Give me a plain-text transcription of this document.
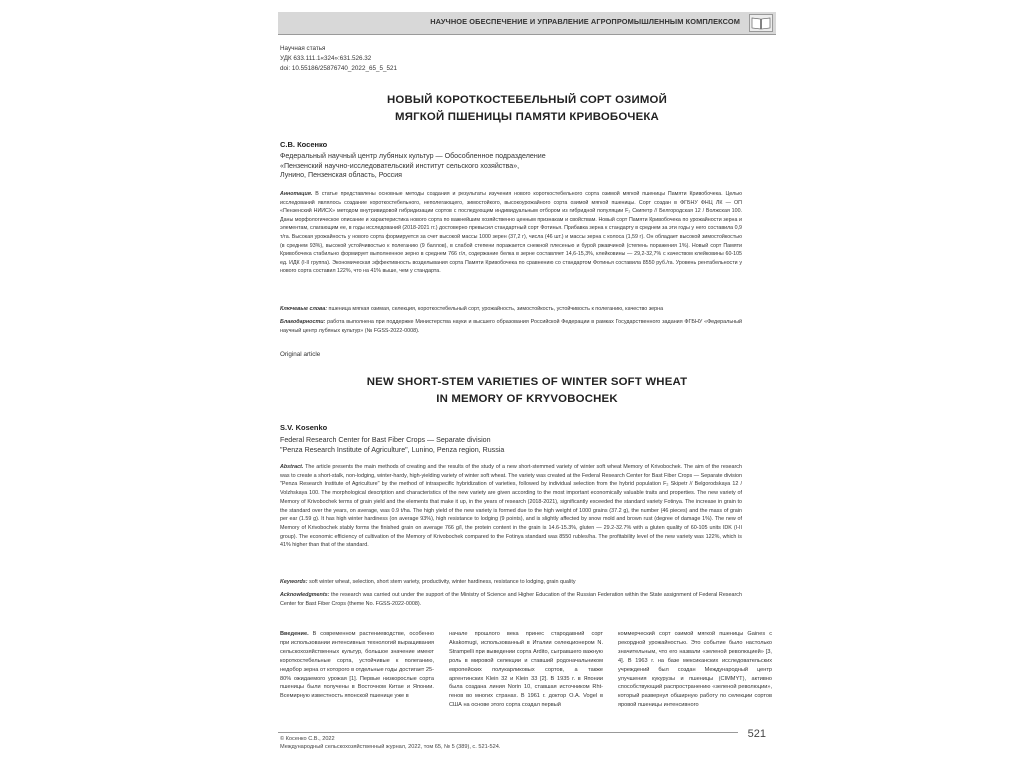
НАУЧНОЕ ОБЕСПЕЧЕНИЕ И УПРАВЛЕНИЕ АГРОПРОМЫШЛЕННЫМ КОМПЛЕКСОМ
Научная статья
УДК 633.111.1«324»:631.526.32
doi: 10.55186/25876740_2022_65_5_521
НОВЫЙ КОРОТКОСТЕБЕЛЬНЫЙ СОРТ ОЗИМОЙ
МЯГКОЙ ПШЕНИЦЫ ПАМЯТИ КРИВОБОЧЕКА
С.В. Косенко
Федеральный научный центр лубяных культур — Обособленное подразделение
«Пензенский научно-исследовательский институт сельского хозяйства»,
Лунино, Пензенская область, Россия
Аннотация. В статье представлены основные методы создания и результаты изучения нового короткостебельного сорта озимой мягкой пшеницы Памяти Кривобочека. Целью исследований являлось создание короткостебельного, неполегающего, зимостойкого, высокоурожайного сорта озимой мягкой пшеницы. Сорт создан в ФГБНУ ФНЦ ЛК — ОП «Пензенский НИИСХ» методом внутривидовой гибридизации сортов с последующим индивидуальным отбором из гибридной популяции F₂ Скипетр // Белгородская 12 / Волжская 100. Даны морфологическое описание и характеристика нового сорта по важнейшим хозяйственно ценным признакам и свойствам. Новый сорт Памяти Кривобочека по урожайности зерна и элементам, слагающим ее, в годы исследований (2018-2021 гг.) достоверно превысил стандартный сорт Фотинья. Прибавка зерна к стандарту в среднем за эти годы у него составила 0,9 т/га. Высокая урожайность у нового сорта формируется за счет высокой массы 1000 зерен (37,2 г), числа (46 шт.) и массы зерна с колоса (1,59 г). Он обладает высокой зимостойкостью (в среднем 93%), высокой устойчивостью к полеганию (9 баллов), в слабой степени поражается снежной плесенью и бурой ржавчиной (степень поражения 1%). Новый сорт Памяти Кривобочека стабильно формирует выполненное зерно в среднем 766 г/л, содержание белка в зерне составляет 14,6-15,3%, клейковины — 29,2-32,7% с качеством клейковины 60-105 ед. ИДК (I-II группа). Экономическая эффективность возделывания сорта Памяти Кривобочека по сравнению со стандартом Фотинья составила 8550 руб./га. Уровень рентабельности у нового сорта составил 122%, что на 41% выше, чем у стандарта.
Ключевые слова: пшеница мягкая озимая, селекция, короткостебельный сорт, урожайность, зимостойкость, устойчивость к полеганию, качество зерна
Благодарности: работа выполнена при поддержке Министерства науки и высшего образования Российской Федерации в рамках Государственного задания ФГБНУ «Федеральный научный центр лубяных культур» (№ FGSS-2022-0008).
Original article
NEW SHORT-STEM VARIETIES OF WINTER SOFT WHEAT
IN MEMORY OF KRYVOBOCHEK
S.V. Kosenko
Federal Research Center for Bast Fiber Crops — Separate division
"Penza Research Institute of Agriculture", Lunino, Penza region, Russia
Abstract. The article presents the main methods of creating and the results of the study of a new short-stemmed variety of winter soft wheat Memory of Krivobochek. The aim of the research was to create a short-stalk, non-lodging, winter-hardy, high-yielding variety of winter soft wheat. The variety was created at the Federal Research Center for Bast Fiber Crops — Separate division "Penza Research Institute of Agriculture" by the method of intraspecific hybridization of varieties, followed by individual selection from the hybrid population F₂ Skipetr // Belgorodskaya 12 / Volzhskaya 100. The morphological description and characteristics of the new variety are given according to the most important economically valuable traits and properties. The new variety of Memory of Krivobochek terms of grain yield and the elements that make it up, in the years of research (2018-2021), significantly exceeded the standard variety Fotinya. The increase in grain to the standard over the years, on average, was 0.9 t/ha. The high yield of the new variety is formed due to the high weight of 1000 grains (37.2 g), the number (46 pieces) and the mass of grain per ear (1.59 g). It has high winter hardiness (on average 93%), high resistance to lodging (9 points), and is slightly affected by snow mold and brown rust (degree of damage 1%). The new of Memory of Krivobochek stably forms the finished grain on average 766 g/l, the protein content in the grain is 14.6-15.3%, gluten — 29.2-32.7% with a gluten quality of 60-105 units IDK (I-II group). The economic efficiency of cultivation of the Memory of Krivobochek compared to the Fotinya standard was 8550 rubles/ha. The profitability level of the new variety was 122%, which is 41% higher than that of the standard.
Keywords: soft winter wheat, selection, short stem variety, productivity, winter hardiness, resistance to lodging, grain quality
Acknowledgments: the research was carried out under the support of the Ministry of Science and Higher Education of the Russian Federation within the State assignment of Federal Research Center for Bast Fiber Crops (theme No. FGSS-2022-0008).
Введение. В современном растениеводстве, особенно при использовании интенсивных технологий выращивания сельскохозяйственных культур, большое значение имеют короткостебельные сорта, устойчивые к полеганию, недобор зерна от которого в отдельные годы достигает 25-80% ожидаемого урожая [1]. Первые низкорослые сорта пшеницы были получены в Восточном Китае и Японии. Всемирную известность японской пшенице уже в
начале прошлого века принес стародавний сорт Akakomugi, использованный в Италии селекционером N. Strampelli при выведении сорта Ardito, сыгравшего важную роль в мировой селекции и ставший родоначальником европейских полукарликовых сортов, а также аргентинских Klein 32 и Klein 33 [2]. В 1935 г. в Японии была создана линия Norin 10, ставшая источником Rht-генов во многих странах. В 1961 г. доктор О.А. Vogel в США на основе этого сорта создал первый
коммерческий сорт озимой мягкой пшеницы Gaines с рекордной урожайностью. Это событие было настолько значительным, что его назвали «зеленой революцией» [3, 4]. В 1963 г. на базе мексиканских исследовательских учреждений был создан Международный центр улучшения кукурузы и пшеницы (CIMMYT), активно способствующий распространению «зеленой революции», который развернул обширную работу по селекции сортов яровой пшеницы интенсивного
© Косенко С.В., 2022
Международный сельскохозяйственный журнал, 2022, том 65, № 5 (389), с. 521-524.
521
